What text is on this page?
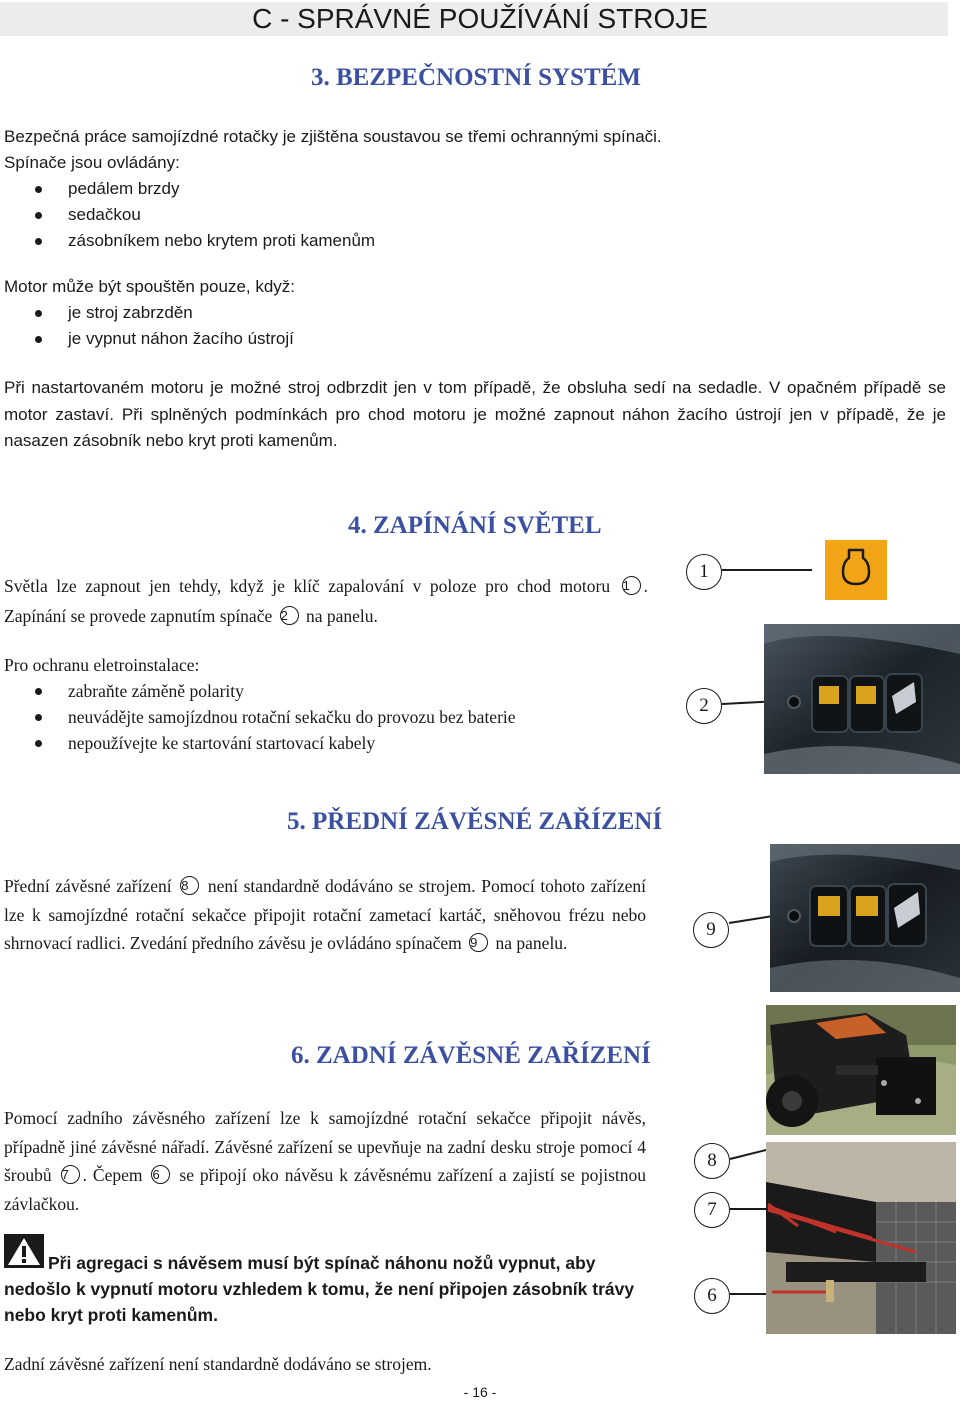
C - SPRÁVNÉ POUŽÍVÁNÍ STROJE
3. BEZPEČNOSTNÍ SYSTÉM

Bezpečná práce samojízdné rotačky je zjištěna soustavou se třemi ochrannými spínači.

Spínače jsou ovládány:

pedálem brzdy
sedačkou
zásobníkem nebo krytem proti kamenům

Motor může být spouštěn pouze, když:

je stroj zabrzděn
je vypnut náhon žacího ústrojí

Při nastartovaném motoru je možné stroj odbrzdit jen v tom případě, že obsluha sedí na sedadle. V opačném případě se motor zastaví. Při splněných podmínkách pro chod motoru je možné zapnout náhon žacího ústrojí jen v případě, že je nasazen zásobník nebo kryt proti kamenům.

4. ZAPÍNÁNÍ SVĚTEL

Světla lze zapnout jen tehdy, když je klíč zapalování v poloze pro chod motoru 1 . Zapínání se provede zapnutím spínače 2 na panelu.

1

Pro ochranu eletroinstalace:

zabraňte záměně polarity
neuvádějte samojízdnou rotační sekačku do provozu bez baterie
nepoužívejte ke startování startovací kabely
2
5. PŘEDNÍ ZÁVĚSNÉ ZAŘÍZENÍ

Přední závěsné zařízení 8 není standardně dodáváno se strojem. Pomocí tohoto zařízení lze k samojízdné rotační sekačce připojit rotační zametací kartáč, sněhovou frézu nebo shrnovací radlici. Zvedání předního závěsu je ovládáno spínačem 9 na panelu.

9
6. ZADNÍ ZÁVĚSNÉ ZAŘÍZENÍ

Pomocí zadního závěsného zařízení lze k samojízdné rotační sekačce připojit návěs, případně jiné závěsné nářadí. Závěsné zařízení se upevňuje na zadní desku stroje pomocí 4 šroubů 7 . Čepem 6 se připojí oko návěsu k závěsnému zařízení a zajistí se pojistnou závlačkou.

Při agregaci s návěsem musí být spínač náhonu nožů vypnut, aby nedošlo k vypnutí motoru vzhledem k tomu, že není připojen zásobník trávy nebo kryt proti kamenům.

Zadní závěsné zařízení není standardně dodáváno se strojem.

8
7
6
- 16 -
